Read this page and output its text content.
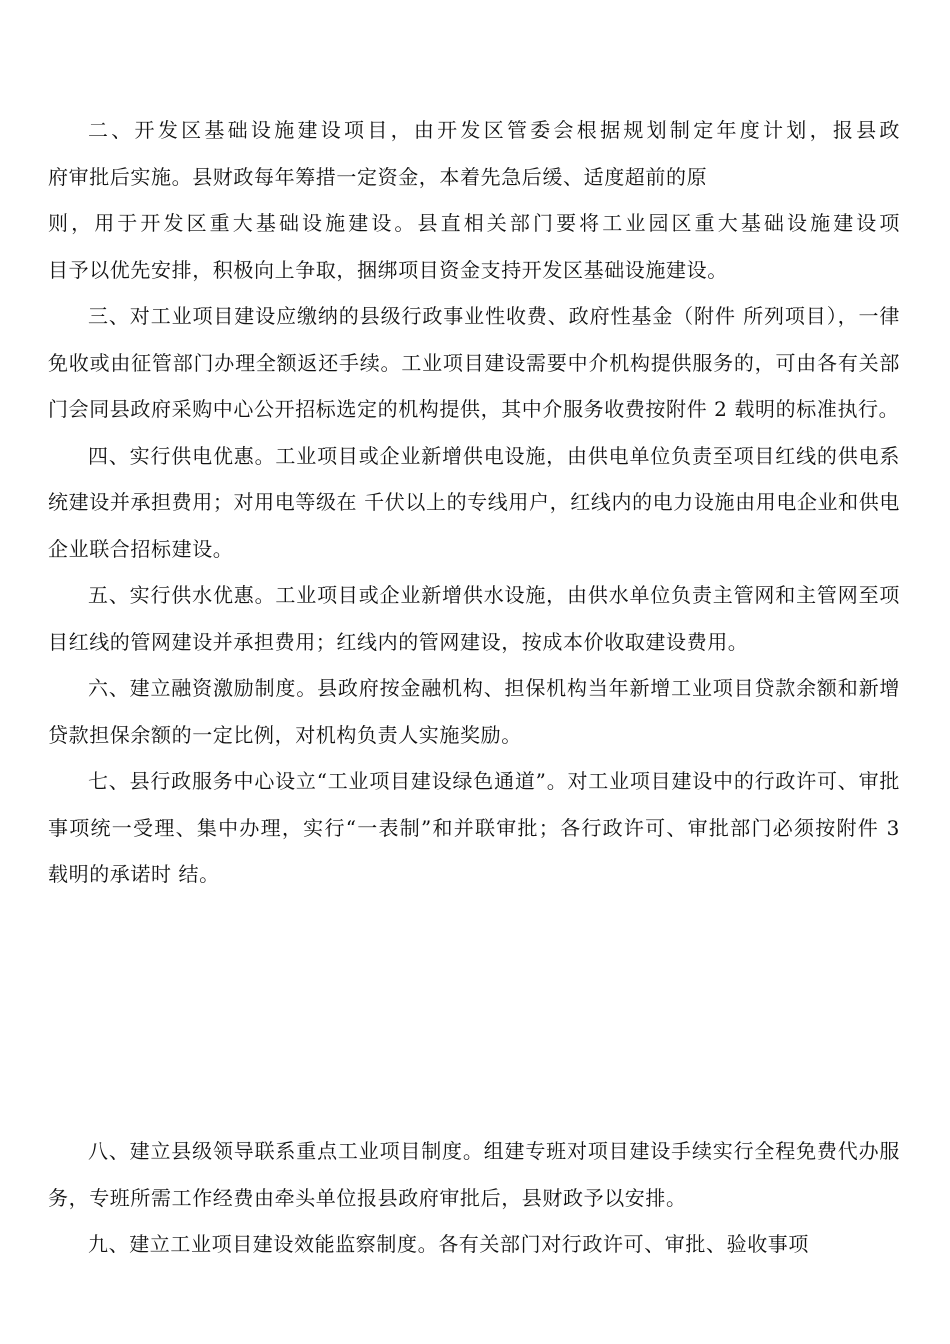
二、开发区基础设施建设项目，由开发区管委会根据规划制定年度计划，报县政
府审批后实施。县财政每年筹措一定资金，本着先急后缓、适度超前的原
则，用于开发区重大基础设施建设。县直相关部门要将工业园区重大基础设施建设项
目予以优先安排，积极向上争取，捆绑项目资金支持开发区基础设施建设。

三、对工业项目建设应缴纳的县级行政事业性收费、政府性基金（附件 所列项目），一律免收或由征管部门办理全额返还手续。工业项目建设需要中介机构提供服务的，可由各有关部门会同县政府采购中心公开招标选定的机构提供，其中介服务收费按附件 2 载明的标准执行。

四、实行供电优惠。工业项目或企业新增供电设施，由供电单位负责至项目红线的供电系统建设并承担费用；对用电等级在 千伏以上的专线用户，红线内的电力设施由用电企业和供电企业联合招标建设。

五、实行供水优惠。工业项目或企业新增供水设施，由供水单位负责主管网和主管网至项目红线的管网建设并承担费用；红线内的管网建设，按成本价收取建设费用。

六、建立融资激励制度。县政府按金融机构、担保机构当年新增工业项目贷款余额和新增贷款担保余额的一定比例，对机构负责人实施奖励。

七、县行政服务中心设立“工业项目建设绿色通道”。对工业项目建设中的行政许可、审批事项统一受理、集中办理，实行“一表制”和并联审批；各行政许可、审批部门必须按附件 3 载明的承诺时 结。

八、建立县级领导联系重点工业项目制度。组建专班对项目建设手续实行全程免费代办服务，专班所需工作经费由牵头单位报县政府审批后，县财政予以安排。

九、建立工业项目建设效能监察制度。各有关部门对行政许可、审批、验收事项
